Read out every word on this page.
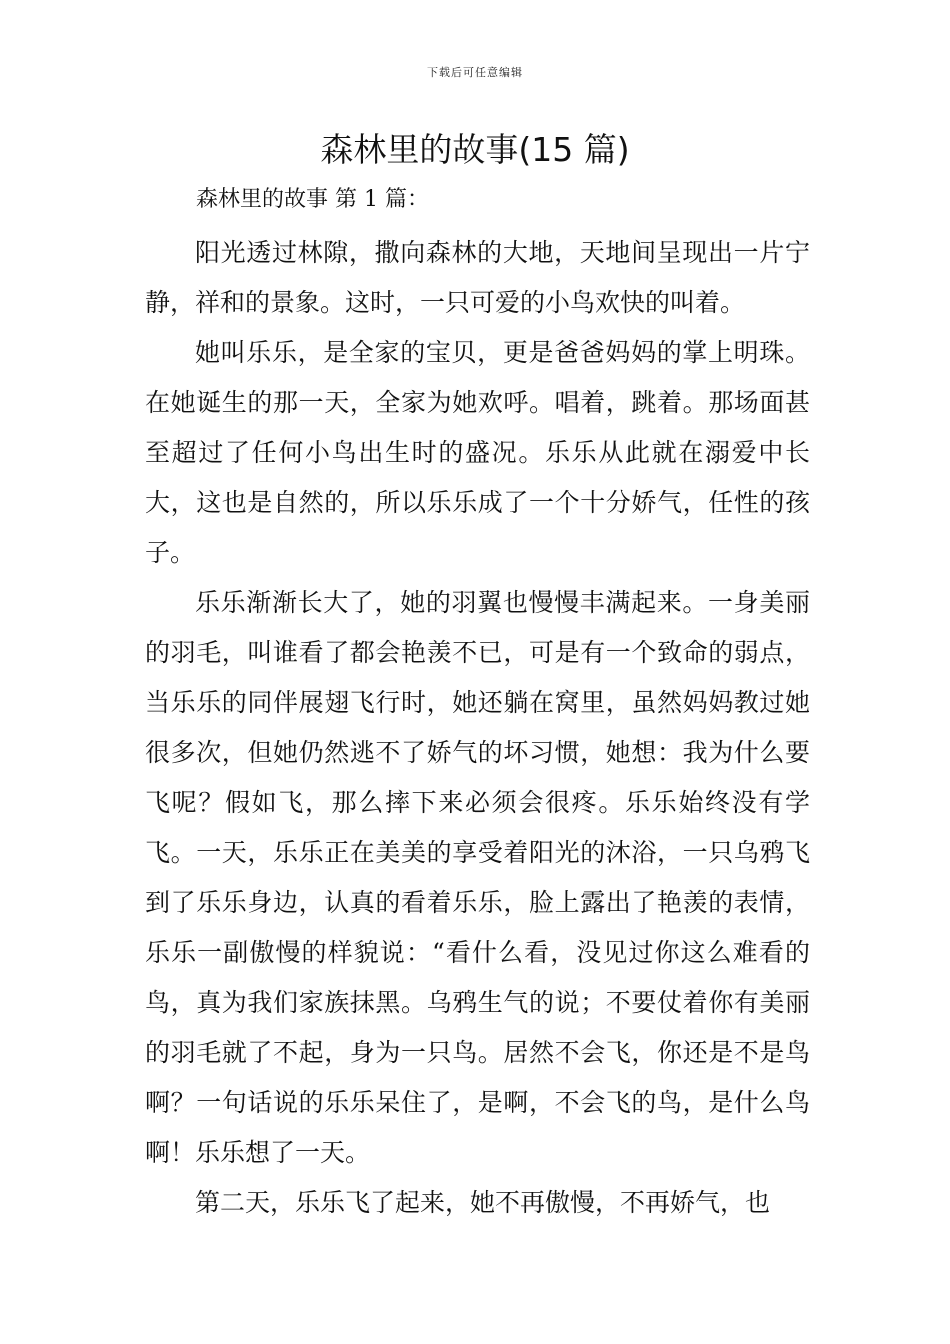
下载后可任意编辑
森林里的故事(15 篇)
森林里的故事 第 1 篇：

阳光透过林隙，撒向森林的大地，天地间呈现出一片宁静，祥和的景象。这时，一只可爱的小鸟欢快的叫着。

她叫乐乐，是全家的宝贝，更是爸爸妈妈的掌上明珠。在她诞生的那一天，全家为她欢呼。唱着，跳着。那场面甚至超过了任何小鸟出生时的盛况。乐乐从此就在溺爱中长大，这也是自然的，所以乐乐成了一个十分娇气，任性的孩子。

乐乐渐渐长大了，她的羽翼也慢慢丰满起来。一身美丽的羽毛，叫谁看了都会艳羡不已，可是有一个致命的弱点，当乐乐的同伴展翅飞行时，她还躺在窝里，虽然妈妈教过她很多次，但她仍然逃不了娇气的坏习惯，她想：我为什么要飞呢？假如飞，那么摔下来必须会很疼。乐乐始终没有学飞。一天，乐乐正在美美的享受着阳光的沐浴，一只乌鸦飞到了乐乐身边，认真的看着乐乐，脸上露出了艳羡的表情，乐乐一副傲慢的样貌说：“看什么看，没见过你这么难看的鸟，真为我们家族抹黑。乌鸦生气的说；不要仗着你有美丽的羽毛就了不起，身为一只鸟。居然不会飞，你还是不是鸟啊？一句话说的乐乐呆住了，是啊，不会飞的鸟，是什么鸟啊！乐乐想了一天。

第二天，乐乐飞了起来，她不再傲慢，不再娇气，也
